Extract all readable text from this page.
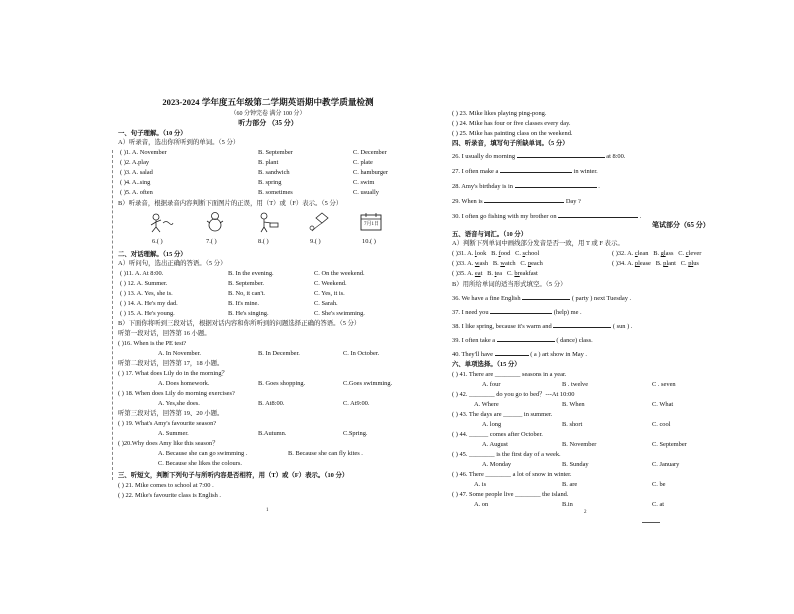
2023-2024 学年度五年级第二学期英语期中教学质量检测
（60 分钟完卷 满分 100 分）
听力部分 （35 分）
一、句子理解。（10 分）
A）听录音，选出你所听到的单词。（5 分）
( )1. A. November	B. September	C. December
( )2. A.play	B. plant	C. plate
( )3. A. salad	B. sandwich	C. hamburger
( )4. A..sing	B. spring	C. swim
( )5. A. often	B. sometimes	C. usually
B）听录音，根据录音内容判断下面图片的正误，用（T）或（F）表示。（5 分）
7月1日
6.( )	7.( )	8.( )	9.( )	10.( )
二、对话理解。（15 分）
A）听问句，选出正确的答语。（5 分）
( )11. A. At 8:00.	B. In the evening.	C. On the weekend.
( ) 12. A. Summer.	B. September.	C. Weekend.
( ) 13. A. Yes, she is.	B. No, it can't.	C. Yes, it is.
( ) 14. A. He's my dad.	B. It's mine.	C. Sarah.
( ) 15. A. He's young.	B. He's singing.	C. She's swimming.
B）下面你将听到三段对话，根据对话内容和你所听到的问题选择正确的答语。（5 分）
听第一段对话，回答第 16 小题。
( )16. When is the PE test?
A. In November.	B. In December.	C. In October.
听第二段对话，回答第 17，18 小题。
( ) 17. What does Lily do in the morning？
A. Does homework.	B. Goes shopping.	C.Goes swimming.
( ) 18. When does Lily do morning exercises?
A. Yes,she does.	B. At8:00.	C. At9:00.
听第三段对话，回答第 19、20 小题。
( ) 19. What's Amy's favourite season?
A. Summer.	B.Autumn.	C.Spring.
( )20.Why does Amy like this season？
A. Because she can go swimming .	B. Because she can fly kites .
C. Because she likes the colours.
三、听短文，判断下列句子与所听内容是否相符，用（T）或（F）表示。（10 分）
( ) 21. Mike comes to school at 7:00 .
( ) 22. Mike's favourite class is English .
1
( ) 23. Mike likes playing ping-pong.
( ) 24. Mike has four or five classes every day.
( ) 25. Mike has painting class on the weekend.
四、听录音，填写句子所缺单词。（5 分）
26. I usually do morning	at 8:00.
27. I often make a	in winter.
28. Amy's birthday is in	.
29. When is	Day ?
30. I often go fishing with my brother on	.
笔试部分（65 分）
五、语音与词汇。（10 分）
A）判断下列单词中画线部分发音是否一致，用 T 或 F 表示。
( )31. A. look B. food C. school	( )32. A. clean B. glass C. clever
( )33. A. wash B. watch C. peach	( )34. A. please B. plant C. plus
( )35. A. eat B. tea C. breakfast
B）用所给单词的适当形式填空。（5 分）
36. We have a fine English	( party ) next Tuesday .
37. I need you	(help) me .
38. I like spring, because it's warm and	( sun ) .
39. I often take a	( dance) class.
40. They'll have	( a ) art show in May .
六、单项选择。（15 分）
( ) 41. There are ________ seasons in a year.
A. four	B . twelve	C . seven
( ) 42. ________ do you go to bed？---At 10:00
A. Where	B. When	C. What
( ) 43. The days are ______ in summer.
A. long	B. short	C. cool
( ) 44. ______ comes after October.
A. August	B. November	C. September
( ) 45. ________ is the first day of a week.
A. Monday	B. Sunday	C. January
( ) 46. There ________ a lot of snow in winter.
A. is	B. are	C. be
( ) 47. Some people live ________ the island.
A. on	B.in	C. at
2
